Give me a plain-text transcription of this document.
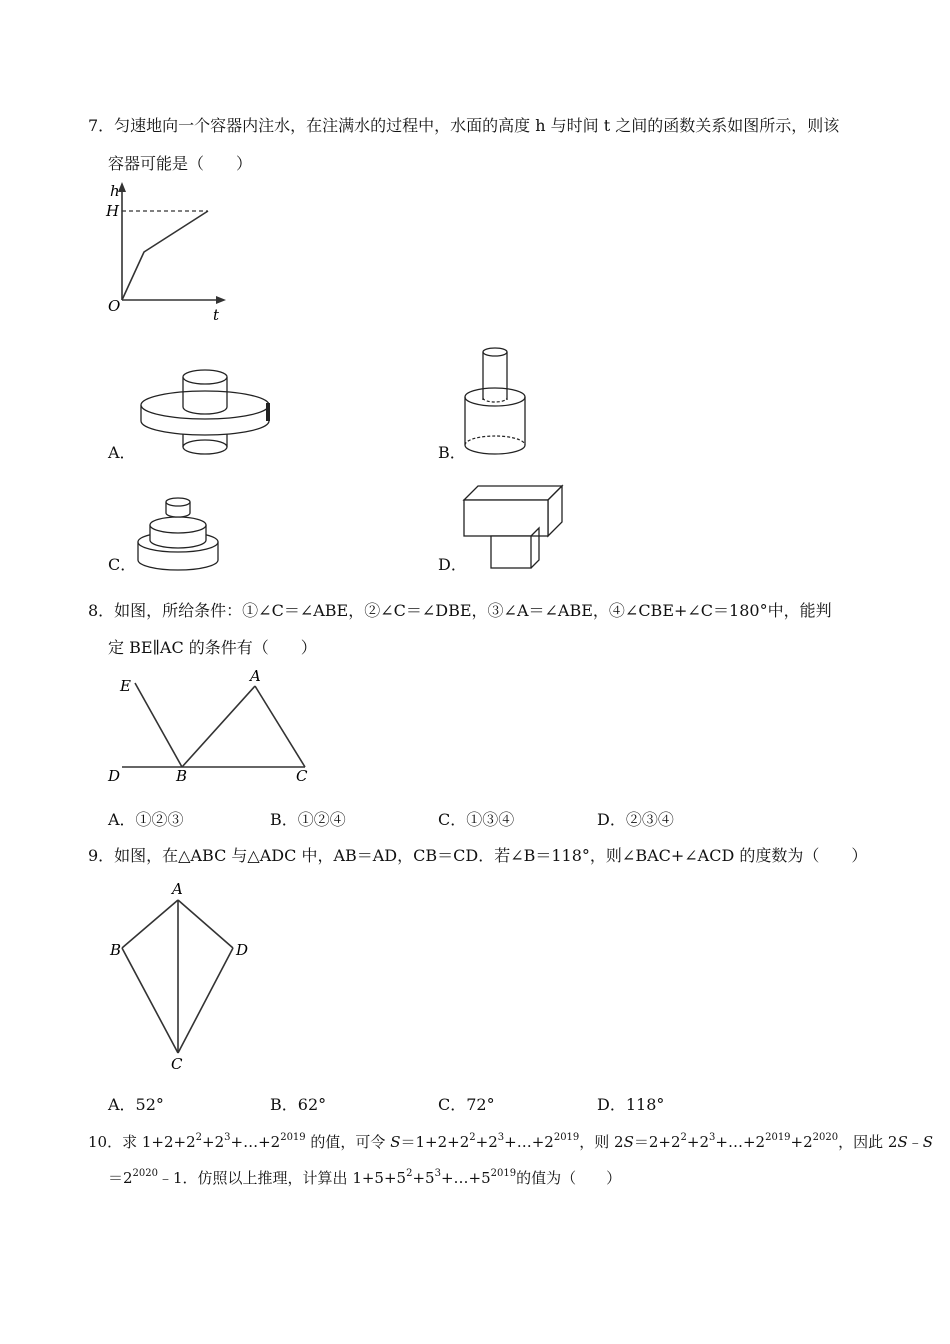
7．匀速地向一个容器内注水，在注满水的过程中，水面的高度 h 与时间 t 之间的函数关系如图所示，则该
容器可能是（　　）
h
H
O	t
A．	B．
C．	D．
8．如图，所给条件：①∠C＝∠ABE，②∠C＝∠DBE，③∠A＝∠ABE，④∠CBE+∠C＝180°中，能判
定 BE∥AC 的条件有（　　）
E
A
D	B	C
A．①②③	B．①②④	C．①③④	D．②③④
9．如图，在△ABC 与△ADC 中，AB＝AD，CB＝CD．若∠B＝118°，则∠BAC+∠ACD 的度数为（　　）
A
B
C
D
A．52°	B．62°	C．72°	D．118°
10．求 $1+2+2^2+2^3+\dots+2^{2019}$ 的值，可令 $S=1+2+2^2+2^3+\dots+2^{2019}$，则 $2S=2+2^2+2^3+\dots+2^{2019}+2^{2020}$，因此 2S﹣S
$=2^{2020}﹣1$．仿照以上推理，计算出 $1+5+5^2+5^3+\dots+5^{2019}$的值为（　　）
